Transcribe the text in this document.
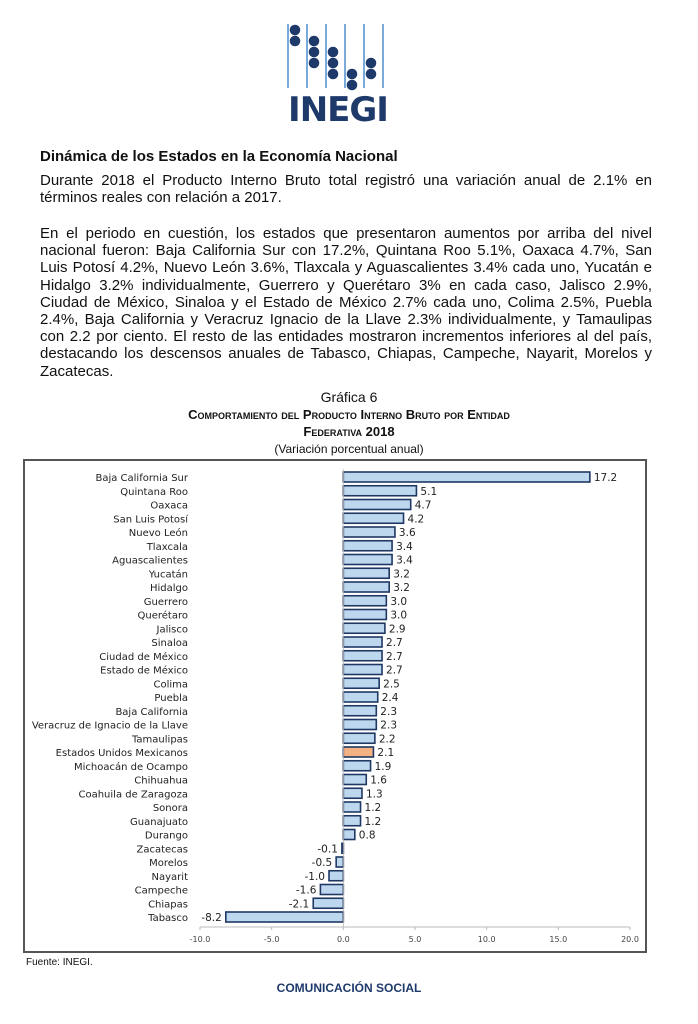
INEGI
Dinámica de los Estados en la Economía Nacional
Durante 2018 el Producto Interno Bruto total registró una variación anual de 2.1% en términos reales con relación a 2017.
En el periodo en cuestión, los estados que presentaron aumentos por arriba del nivel nacional fueron: Baja California Sur con 17.2%, Quintana Roo 5.1%, Oaxaca 4.7%, San Luis Potosí 4.2%, Nuevo León 3.6%, Tlaxcala y Aguascalientes 3.4% cada uno, Yucatán e Hidalgo 3.2% individualmente, Guerrero y Querétaro 3% en cada caso, Jalisco 2.9%, Ciudad de México, Sinaloa y el Estado de México 2.7% cada uno, Colima 2.5%, Puebla 2.4%, Baja California y Veracruz Ignacio de la Llave 2.3% individualmente, y Tamaulipas con 2.2 por ciento. El resto de las entidades mostraron incrementos inferiores al del país, destacando los descensos anuales de Tabasco, Chiapas, Campeche, Nayarit, Morelos y Zacatecas.
Gráfica 6
Comportamiento del Producto Interno Bruto por Entidad
Federativa 2018
(Variación porcentual anual)
Baja California Sur	17.2
Quintana Roo	5.1
Oaxaca	4.7
San Luis Potosí	4.2
Nuevo León	3.6
Tlaxcala	3.4
Aguascalientes	3.4
Yucatán	3.2
Hidalgo	3.2
Guerrero	3.0
Querétaro	3.0
Jalisco	2.9
Sinaloa	2.7
Ciudad de México	2.7
Estado de México	2.7
Colima	2.5
Puebla	2.4
Baja California	2.3
Veracruz de Ignacio de la Llave	2.3
Tamaulipas	2.2
Estados Unidos Mexicanos	2.1
Michoacán de Ocampo	1.9
Chihuahua	1.6
Coahuila de Zaragoza	1.3
Sonora	1.2
Guanajuato	1.2
Durango	0.8
Zacatecas	-0.1
Morelos	-0.5
Nayarit	-1.0
Campeche	-1.6
Chiapas	-2.1
Tabasco -8.2
-10.0	-5.0	0.0	5.0	10.0	15.0	20.0
Fuente: INEGI.
COMUNICACIÓN SOCIAL
